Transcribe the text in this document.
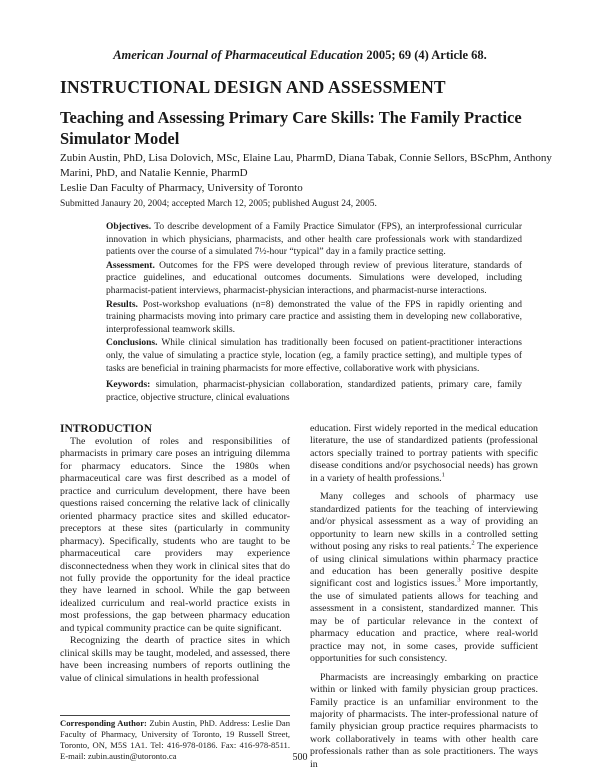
American Journal of Pharmaceutical Education 2005; 69 (4) Article 68.
INSTRUCTIONAL DESIGN AND ASSESSMENT
Teaching and Assessing Primary Care Skills: The Family Practice Simulator Model
Zubin Austin, PhD, Lisa Dolovich, MSc, Elaine Lau, PharmD, Diana Tabak, Connie Sellors, BScPhm, Anthony Marini, PhD, and Natalie Kennie, PharmD
Leslie Dan Faculty of Pharmacy, University of Toronto
Submitted Janaury 20, 2004; accepted March 12, 2005; published August 24, 2005.

Objectives. To describe development of a Family Practice Simulator (FPS), an interprofessional curricular innovation in which physicians, pharmacists, and other health care professionals work with standardized patients over the course of a simulated 7½-hour “typical” day in a family practice setting.

Assessment. Outcomes for the FPS were developed through review of previous literature, standards of practice guidelines, and educational outcomes documents. Simulations were developed, including pharmacist-patient interviews, pharmacist-physician interactions, and pharmacist-nurse interactions.

Results. Post-workshop evaluations (n=8) demonstrated the value of the FPS in rapidly orienting and training pharmacists moving into primary care practice and assisting them in developing new collaborative, interprofessional teamwork skills.

Conclusions. While clinical simulation has traditionally been focused on patient-practitioner interactions only, the value of simulating a practice style, location (eg, a family practice setting), and multiple types of tasks are beneficial in training pharmacists for more effective, collaborative work with physicians.

Keywords: simulation, pharmacist-physician collaboration, standardized patients, primary care, family practice, objective structure, clinical evaluations

INTRODUCTION

The evolution of roles and responsibilities of pharmacists in primary care poses an intriguing dilemma for pharmacy educators. Since the 1980s when pharmaceutical care was first described as a model of practice and curriculum development, there have been questions raised concerning the relative lack of clinically oriented pharmacy practice sites and skilled educator-preceptors at these sites (particularly in community pharmacy). Specifically, students who are taught to be pharmaceutical care providers may experience disconnectedness when they work in clinical sites that do not fully provide the opportunity for the ideal practice they have learned in school. While the gap between idealized curriculum and real-world practice exists in most professions, the gap between pharmacy education and typical community practice can be quite significant.

Recognizing the dearth of practice sites in which clinical skills may be taught, modeled, and assessed, there have been increasing numbers of reports outlining the value of clinical simulations in health professional

education. First widely reported in the medical education literature, the use of standardized patients (professional actors specially trained to portray patients with specific disease conditions and/or psychosocial needs) has grown in a variety of health professions.$^1$

Many colleges and schools of pharmacy use standardized patients for the teaching of interviewing and/or physical assessment as a way of providing an opportunity to learn new skills in a controlled setting without posing any risks to real patients.$^2$ The experience of using clinical simulations within pharmacy practice and education has been generally positive despite significant cost and logistics issues.$^3$ More importantly, the use of simulated patients allows for teaching and assessment in a consistent, standardized manner. This may be of particular relevance in the context of pharmacy education and practice, where real-world practice may not, in some cases, provide sufficient opportunities for such consistency.

Pharmacists are increasingly embarking on practice within or linked with family physician group practices. Family practice is an unfamiliar environment to the majority of pharmacists. The inter-professional nature of family physician group practice requires pharmacists to work collaboratively in teams with other health care professionals rather than as sole practitioners. The ways in

Corresponding Author: Zubin Austin, PhD. Address: Leslie Dan Faculty of Pharmacy, University of Toronto, 19 Russell Street, Toronto, ON, M5S 1A1. Tel: 416-978-0186. Fax: 416-978-8511. E-mail: zubin.austin@utoronto.ca	500
